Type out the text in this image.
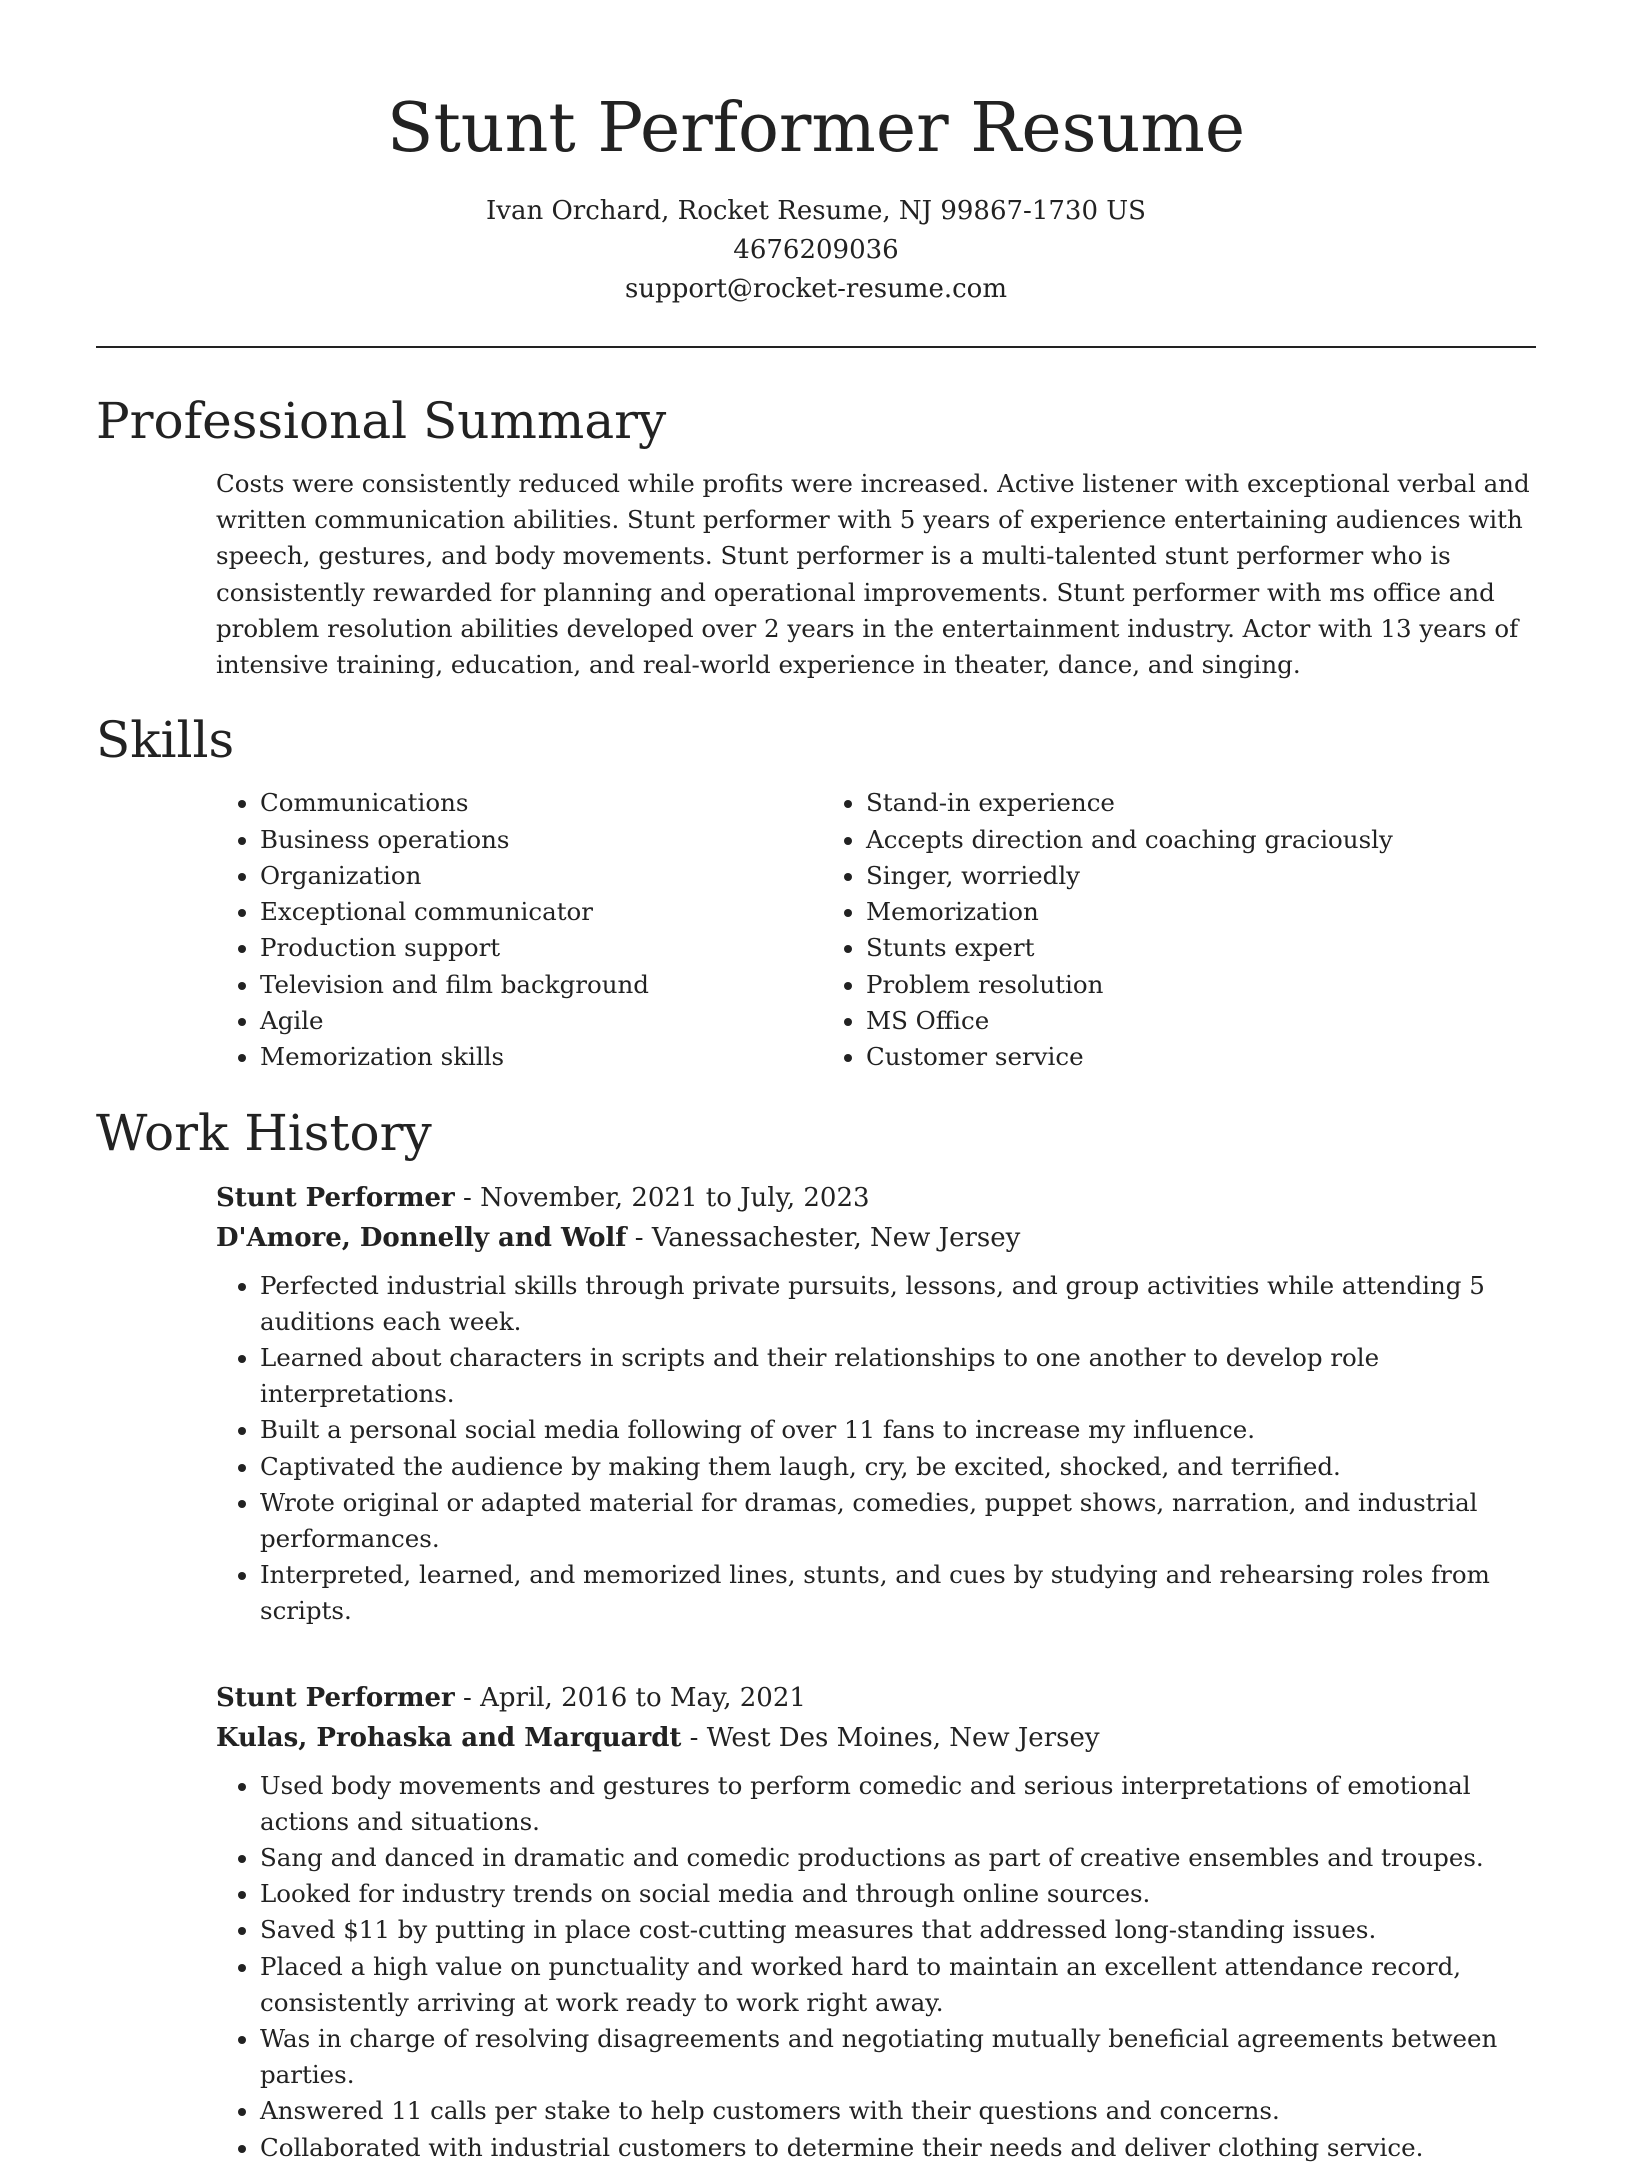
Stunt Performer Resume
Ivan Orchard, Rocket Resume, NJ 99867-1730 US
4676209036
support@rocket-resume.com
Professional Summary

Costs were consistently reduced while profits were increased. Active listener with exceptional verbal and written communication abilities. Stunt performer with 5 years of experience entertaining audiences with speech, gestures, and body movements. Stunt performer is a multi-talented stunt performer who is consistently rewarded for planning and operational improvements. Stunt performer with ms office and problem resolution abilities developed over 2 years in the entertainment industry. Actor with 13 years of intensive training, education, and real-world experience in theater, dance, and singing.

Skills
• Communications
• Business operations
• Organization
• Exceptional communicator
• Production support
• Television and film background
• Agile
• Memorization skills
• Stand-in experience
• Accepts direction and coaching graciously
• Singer, worriedly
• Memorization
• Stunts expert
• Problem resolution
• MS Office
• Customer service
Work History
Stunt Performer - November, 2021 to July, 2023
D'Amore, Donnelly and Wolf - Vanessachester, New Jersey
• Perfected industrial skills through private pursuits, lessons, and group activities while attending 5 auditions each week.
• Learned about characters in scripts and their relationships to one another to develop role interpretations.
• Built a personal social media following of over 11 fans to increase my influence.
• Captivated the audience by making them laugh, cry, be excited, shocked, and terrified.
• Wrote original or adapted material for dramas, comedies, puppet shows, narration, and industrial performances.
• Interpreted, learned, and memorized lines, stunts, and cues by studying and rehearsing roles from scripts.
Stunt Performer - April, 2016 to May, 2021
Kulas, Prohaska and Marquardt - West Des Moines, New Jersey
• Used body movements and gestures to perform comedic and serious interpretations of emotional actions and situations.
• Sang and danced in dramatic and comedic productions as part of creative ensembles and troupes.
• Looked for industry trends on social media and through online sources.
• Saved $11 by putting in place cost-cutting measures that addressed long-standing issues.
• Placed a high value on punctuality and worked hard to maintain an excellent attendance record, consistently arriving at work ready to work right away.
• Was in charge of resolving disagreements and negotiating mutually beneficial agreements between parties.
• Answered 11 calls per stake to help customers with their questions and concerns.
• Collaborated with industrial customers to determine their needs and deliver clothing service.
